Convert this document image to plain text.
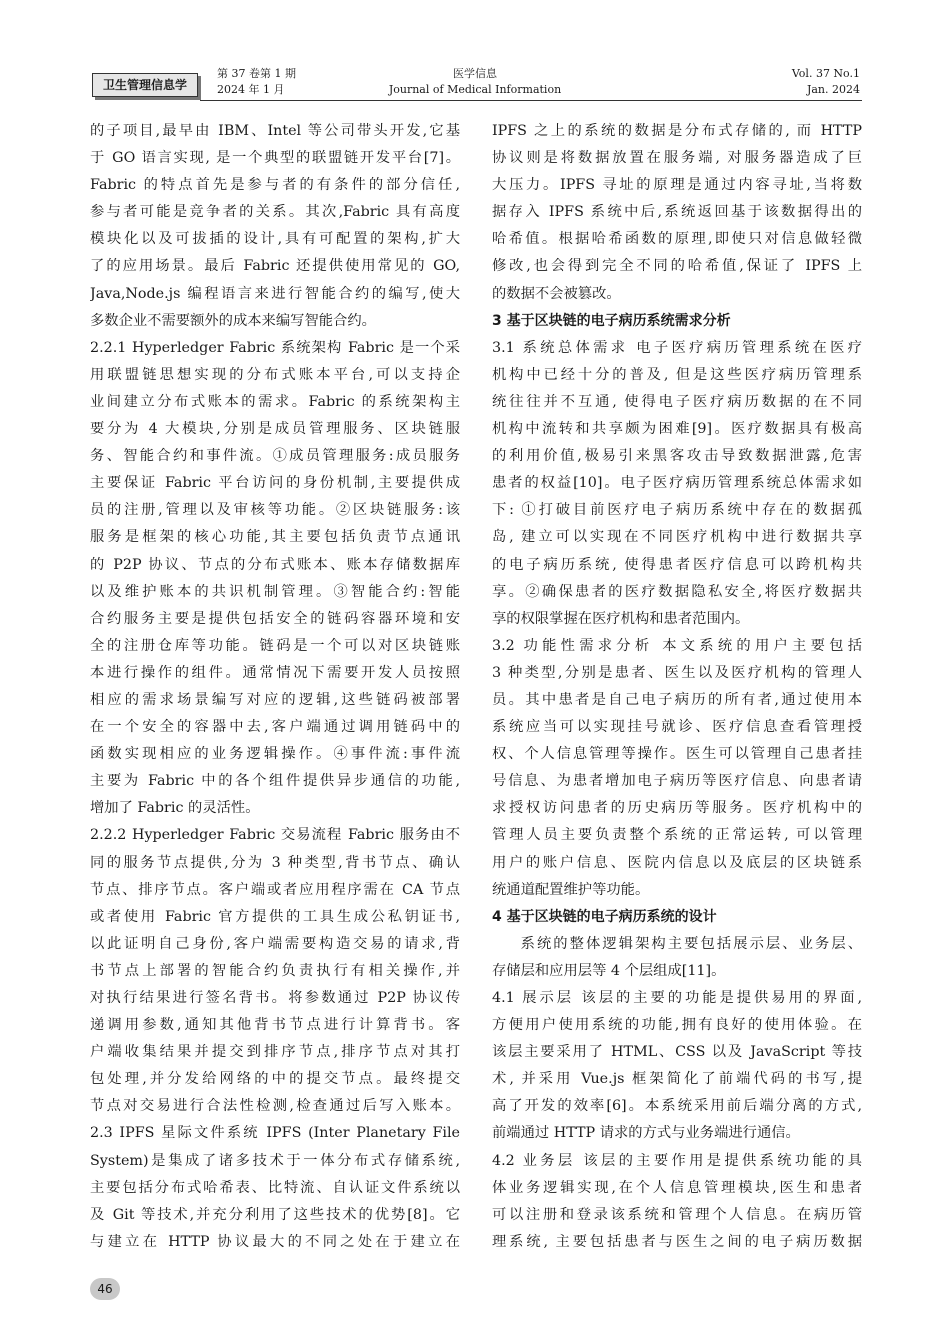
卫生管理信息学
第 37 卷第 1 期
2024 年 1 月
医学信息
Journal of Medical Information
Vol. 37 No.1
Jan. 2024
的子项目,最早由 IBM、Intel 等公司带头开发,它基
于 GO 语言实现, 是一个典型的联盟链开发平台[7]。
Fabric 的特点首先是参与者的有条件的部分信任,
参与者可能是竞争者的关系。其次,Fabric 具有高度
模块化以及可拔插的设计,具有可配置的架构,扩大
了的应用场景。最后 Fabric 还提供使用常见的 GO,
Java,Node.js 编程语言来进行智能合约的编写,使大
多数企业不需要额外的成本来编写智能合约。
2.2.1 Hyperledger Fabric 系统架构 Fabric 是一个采
用联盟链思想实现的分布式账本平台,可以支持企
业间建立分布式账本的需求。Fabric 的系统架构主
要分为 4 大模块,分别是成员管理服务、区块链服
务、智能合约和事件流。①成员管理服务:成员服务
主要保证 Fabric 平台访问的身份机制,主要提供成
员的注册,管理以及审核等功能。②区块链服务:该
服务是框架的核心功能,其主要包括负责节点通讯
的 P2P 协议、节点的分布式账本、账本存储数据库
以及维护账本的共识机制管理。③智能合约:智能
合约服务主要是提供包括安全的链码容器环境和安
全的注册仓库等功能。链码是一个可以对区块链账
本进行操作的组件。通常情况下需要开发人员按照
相应的需求场景编写对应的逻辑,这些链码被部署
在一个安全的容器中去,客户端通过调用链码中的
函数实现相应的业务逻辑操作。④事件流:事件流
主要为 Fabric 中的各个组件提供异步通信的功能,
增加了 Fabric 的灵活性。
2.2.2 Hyperledger Fabric 交易流程 Fabric 服务由不
同的服务节点提供,分为 3 种类型,背书节点、确认
节点、排序节点。客户端或者应用程序需在 CA 节点
或者使用 Fabric 官方提供的工具生成公私钥证书,
以此证明自己身份,客户端需要构造交易的请求,背
书节点上部署的智能合约负责执行有相关操作,并
对执行结果进行签名背书。将参数通过 P2P 协议传
递调用参数,通知其他背书节点进行计算背书。客
户端收集结果并提交到排序节点,排序节点对其打
包处理,并分发给网络的中的提交节点。最终提交
节点对交易进行合法性检测,检查通过后写入账本。
2.3 IPFS 星际文件系统 IPFS (Inter Planetary File
System)是集成了诸多技术于一体分布式存储系统,
主要包括分布式哈希表、比特流、自认证文件系统以
及 Git 等技术,并充分利用了这些技术的优势[8]。它
与建立在 HTTP 协议最大的不同之处在于建立在
IPFS 之上的系统的数据是分布式存储的, 而 HTTP
协议则是将数据放置在服务端, 对服务器造成了巨
大压力。IPFS 寻址的原理是通过内容寻址,当将数
据存入 IPFS 系统中后,系统返回基于该数据得出的
哈希值。根据哈希函数的原理,即使只对信息做轻微
修改,也会得到完全不同的哈希值,保证了 IPFS 上
的数据不会被篡改。
3 基于区块链的电子病历系统需求分析
3.1 系统总体需求 电子医疗病历管理系统在医疗
机构中已经十分的普及, 但是这些医疗病历管理系
统往往并不互通, 使得电子医疗病历数据的在不同
机构中流转和共享颇为困难[9]。医疗数据具有极高
的利用价值,极易引来黑客攻击导致数据泄露,危害
患者的权益[10]。电子医疗病历管理系统总体需求如
下: ①打破目前医疗电子病历系统中存在的数据孤
岛, 建立可以实现在不同医疗机构中进行数据共享
的电子病历系统, 使得患者医疗信息可以跨机构共
享。②确保患者的医疗数据隐私安全,将医疗数据共
享的权限掌握在医疗机构和患者范围内。
3.2 功能性需求分析 本文系统的用户主要包括
3 种类型,分别是患者、医生以及医疗机构的管理人
员。其中患者是自己电子病历的所有者,通过使用本
系统应当可以实现挂号就诊、医疗信息查看管理授
权、个人信息管理等操作。医生可以管理自己患者挂
号信息、为患者增加电子病历等医疗信息、向患者请
求授权访问患者的历史病历等服务。医疗机构中的
管理人员主要负责整个系统的正常运转, 可以管理
用户的账户信息、医院内信息以及底层的区块链系
统通道配置维护等功能。
4 基于区块链的电子病历系统的设计
系统的整体逻辑架构主要包括展示层、业务层、
存储层和应用层等 4 个层组成[11]。
4.1 展示层 该层的主要的功能是提供易用的界面,
方便用户使用系统的功能,拥有良好的使用体验。在
该层主要采用了 HTML、CSS 以及 JavaScript 等技
术, 并采用 Vue.js 框架简化了前端代码的书写,提
高了开发的效率[6]。本系统采用前后端分离的方式,
前端通过 HTTP 请求的方式与业务端进行通信。
4.2 业务层 该层的主要作用是提供系统功能的具
体业务逻辑实现,在个人信息管理模块,医生和患者
可以注册和登录该系统和管理个人信息。在病历管
理系统, 主要包括患者与医生之间的电子病历数据
46
